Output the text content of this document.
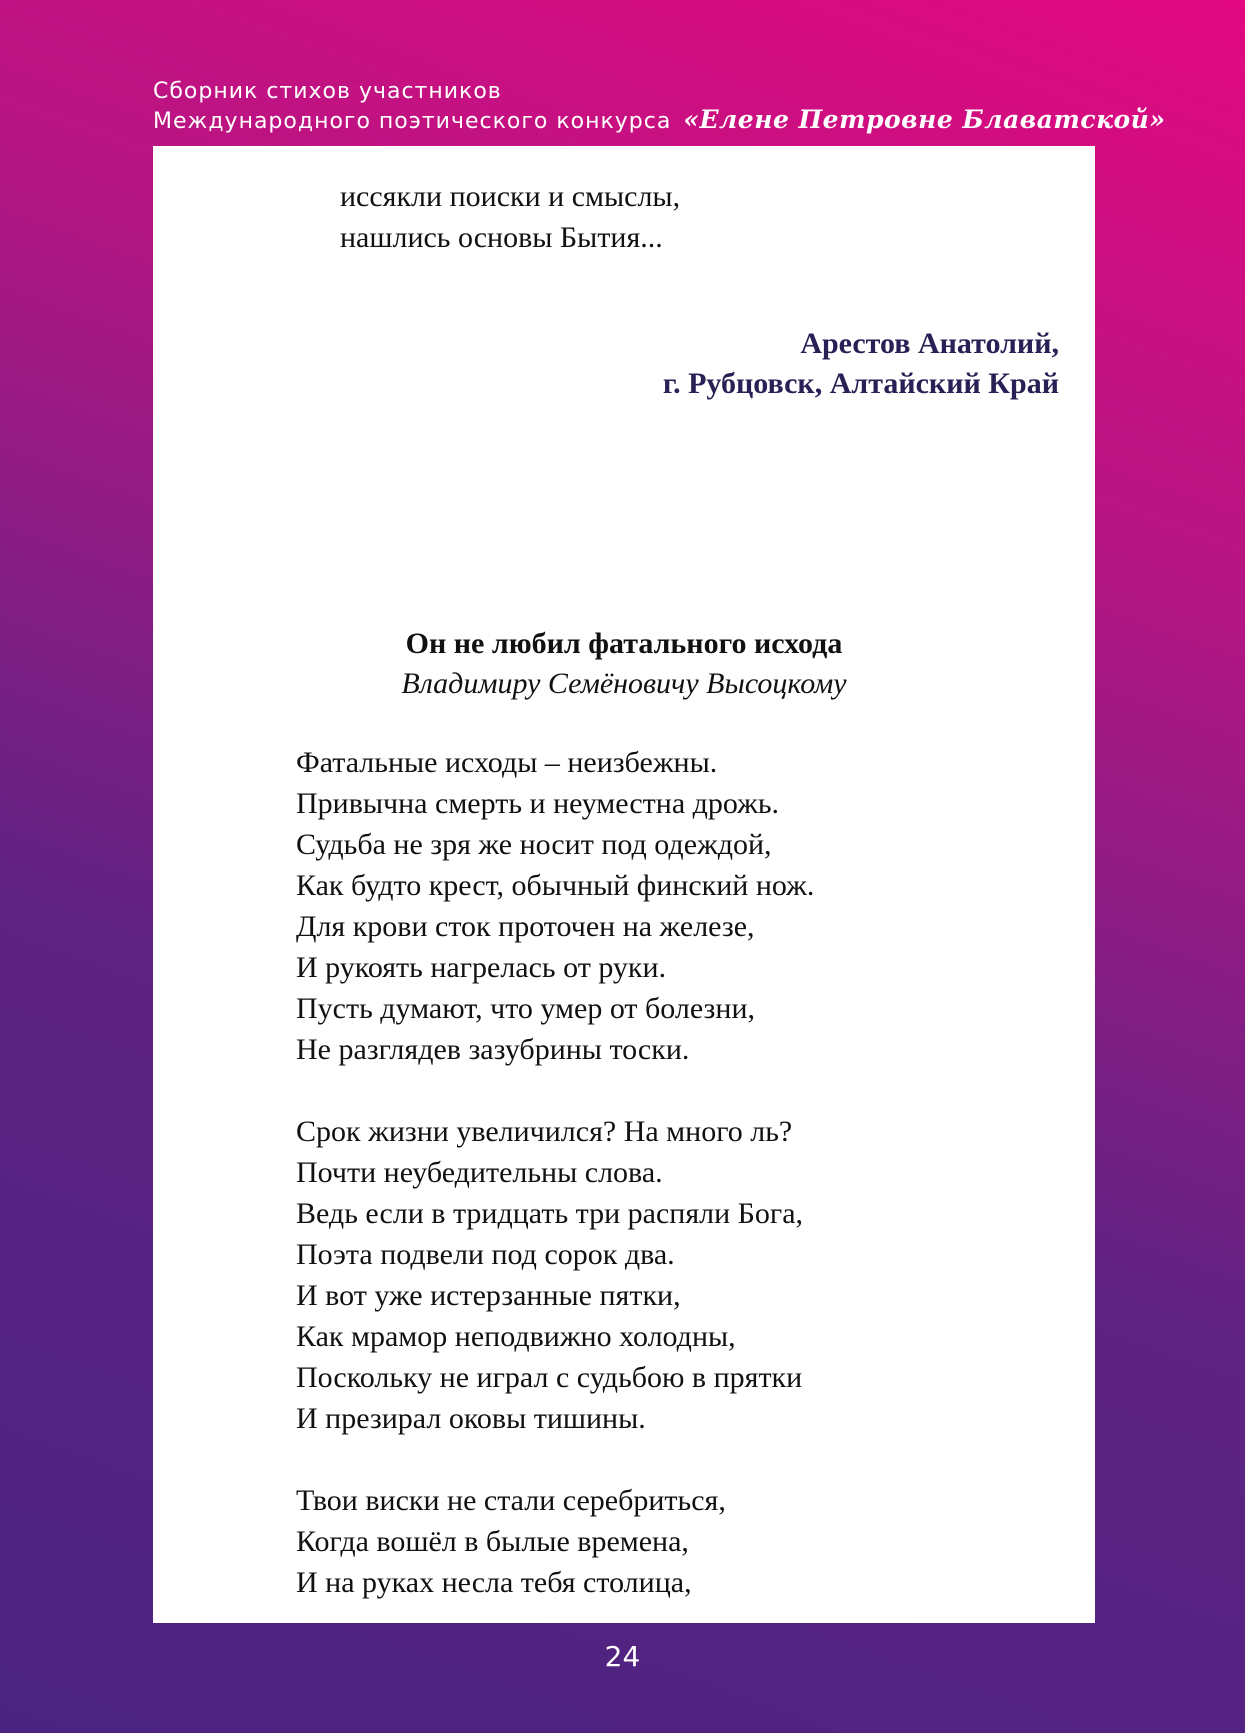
Сборник стихов участников
Международного поэтического конкурса «Елене Петровне Блаватской»
иссякли поиски и смыслы,
нашлись основы Бытия...
Арестов Анатолий,
г. Рубцовск, Алтайский Край
Он не любил фатального исхода
Владимиру Семёновичу Высоцкому
Фатальные исходы – неизбежны.
Привычна смерть и неуместна дрожь.
Судьба не зря же носит под одеждой,
Как будто крест, обычный финский нож.
Для крови сток проточен на железе,
И рукоять нагрелась от руки.
Пусть думают, что умер от болезни,
Не разглядев зазубрины тоски.
Срок жизни увеличился? На много ль?
Почти неубедительны слова.
Ведь если в тридцать три распяли Бога,
Поэта подвели под сорок два.
И вот уже истерзанные пятки,
Как мрамор неподвижно холодны,
Поскольку не играл с судьбою в прятки
И презирал оковы тишины.
Твои виски не стали серебриться,
Когда вошёл в былые времена,
И на руках несла тебя столица,
24
